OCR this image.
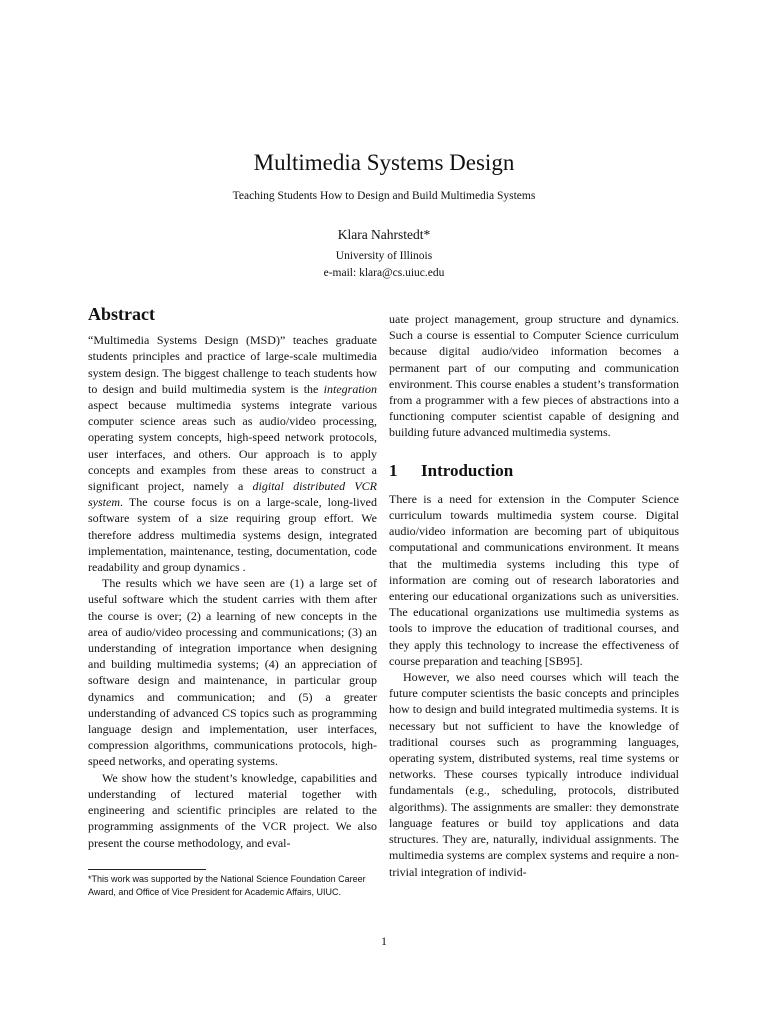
Multimedia Systems Design
Teaching Students How to Design and Build Multimedia Systems
Klara Nahrstedt*
University of Illinois
e-mail: klara@cs.uiuc.edu
Abstract

“Multimedia Systems Design (MSD)” teaches graduate students principles and practice of large-scale multimedia system design. The biggest challenge to teach students how to design and build multimedia system is the integration aspect because multimedia systems integrate various computer science areas such as audio/video processing, operating system concepts, high-speed network protocols, user interfaces, and others. Our approach is to apply concepts and examples from these areas to construct a significant project, namely a digital distributed VCR system. The course focus is on a large-scale, long-lived software system of a size requiring group effort. We therefore address multimedia systems design, integrated implementation, maintenance, testing, documentation, code readability and group dynamics .

The results which we have seen are (1) a large set of useful software which the student carries with them after the course is over; (2) a learning of new concepts in the area of audio/video processing and communications; (3) an understanding of integration importance when designing and building multimedia systems; (4) an appreciation of software design and maintenance, in particular group dynamics and communication; and (5) a greater understanding of advanced CS topics such as programming language design and implementation, user interfaces, compression algorithms, communications protocols, high-speed networks, and operating systems.

We show how the student’s knowledge, capabilities and understanding of lectured material together with engineering and scientific principles are related to the programming assignments of the VCR project. We also present the course methodology, and eval-

*This work was supported by the National Science Foundation Career Award, and Office of Vice President for Academic Affairs, UIUC.

uate project management, group structure and dynamics. Such a course is essential to Computer Science curriculum because digital audio/video information becomes a permanent part of our computing and communication environment. This course enables a student’s transformation from a programmer with a few pieces of abstractions into a functioning computer scientist capable of designing and building future advanced multimedia systems.

1 Introduction

There is a need for extension in the Computer Science curriculum towards multimedia system course. Digital audio/video information are becoming part of ubiquitous computational and communications environment. It means that the multimedia systems including this type of information are coming out of research laboratories and entering our educational organizations such as universities. The educational organizations use multimedia systems as tools to improve the education of traditional courses, and they apply this technology to increase the effectiveness of course preparation and teaching [SB95].

However, we also need courses which will teach the future computer scientists the basic concepts and principles how to design and build integrated multimedia systems. It is necessary but not sufficient to have the knowledge of traditional courses such as programming languages, operating system, distributed systems, real time systems or networks. These courses typically introduce individual fundamentals (e.g., scheduling, protocols, distributed algorithms). The assignments are smaller: they demonstrate language features or build toy applications and data structures. They are, naturally, individual assignments. The multimedia systems are complex systems and require a non-trivial integration of individ-

1
